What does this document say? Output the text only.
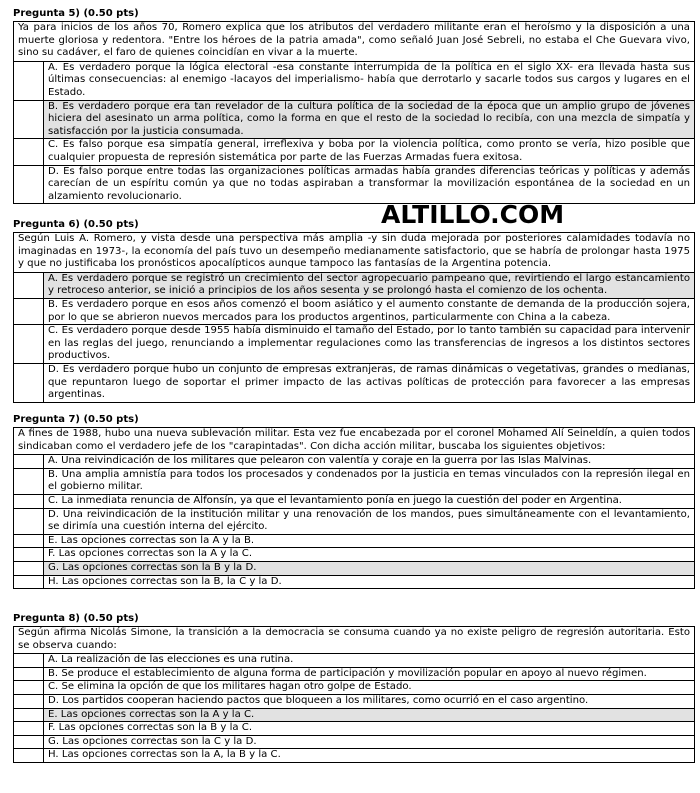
Pregunta 5) (0.50 pts)
Ya para inicios de los años 70, Romero explica que los atributos del verdadero militante eran el heroísmo y la disposición a una muerte gloriosa y redentora. "Entre los héroes de la patria amada", como señaló Juan José Sebreli, no estaba el Che Guevara vivo, sino su cadáver, el faro de quienes coincidían en vivar a la muerte.
A. Es verdadero porque la lógica electoral -esa constante interrumpida de la política en el siglo XX- era llevada hasta sus últimas consecuencias: al enemigo -lacayos del imperialismo- había que derrotarlo y sacarle todos sus cargos y lugares en el Estado.
B. Es verdadero porque era tan revelador de la cultura política de la sociedad de la época que un amplio grupo de jóvenes hiciera del asesinato un arma política, como la forma en que el resto de la sociedad lo recibía, con una mezcla de simpatía y satisfacción por la justicia consumada.
C. Es falso porque esa simpatía general, irreflexiva y boba por la violencia política, como pronto se vería, hizo posible que cualquier propuesta de represión sistemática por parte de las Fuerzas Armadas fuera exitosa.
D. Es falso porque entre todas las organizaciones políticas armadas había grandes diferencias teóricas y políticas y además carecían de un espíritu común ya que no todas aspiraban a transformar la movilización espontánea de la sociedad en un alzamiento revolucionario.
ALTILLO.COM
Pregunta 6) (0.50 pts)
Según Luis A. Romero, y vista desde una perspectiva más amplia -y sin duda mejorada por posteriores calamidades todavía no imaginadas en 1973-, la economía del país tuvo un desempeño medianamente satisfactorio, que se habría de prolongar hasta 1975 y que no justificaba los pronósticos apocalípticos aunque tampoco las fantasías de la Argentina potencia.
A. Es verdadero porque se registró un crecimiento del sector agropecuario pampeano que, revirtiendo el largo estancamiento y retroceso anterior, se inició a principios de los años sesenta y se prolongó hasta el comienzo de los ochenta.
B. Es verdadero porque en esos años comenzó el boom asiático y el aumento constante de demanda de la producción sojera, por lo que se abrieron nuevos mercados para los productos argentinos, particularmente con China a la cabeza.
C. Es verdadero porque desde 1955 había disminuido el tamaño del Estado, por lo tanto también su capacidad para intervenir en las reglas del juego, renunciando a implementar regulaciones como las transferencias de ingresos a los distintos sectores productivos.
D. Es verdadero porque hubo un conjunto de empresas extranjeras, de ramas dinámicas o vegetativas, grandes o medianas, que repuntaron luego de soportar el primer impacto de las activas políticas de protección para favorecer a las empresas argentinas.
Pregunta 7) (0.50 pts)
A fines de 1988, hubo una nueva sublevación militar. Esta vez fue encabezada por el coronel Mohamed Alí Seineldín, a quien todos sindicaban como el verdadero jefe de los "carapintadas". Con dicha acción militar, buscaba los siguientes objetivos:
A. Una reivindicación de los militares que pelearon con valentía y coraje en la guerra por las Islas Malvinas.
B. Una amplia amnistía para todos los procesados y condenados por la justicia en temas vinculados con la represión ilegal en el gobierno militar.
C. La inmediata renuncia de Alfonsín, ya que el levantamiento ponía en juego la cuestión del poder en Argentina.
D. Una reivindicación de la institución militar y una renovación de los mandos, pues simultáneamente con el levantamiento, se dirimía una cuestión interna del ejército.
E. Las opciones correctas son la A y la B.
F. Las opciones correctas son la A y la C.
G. Las opciones correctas son la B y la D.
H. Las opciones correctas son la B, la C y la D.
Pregunta 8) (0.50 pts)
Según afirma Nicolás Simone, la transición a la democracia se consuma cuando ya no existe peligro de regresión autoritaria. Esto se observa cuando:
A. La realización de las elecciones es una rutina.
B. Se produce el establecimiento de alguna forma de participación y movilización popular en apoyo al nuevo régimen.
C. Se elimina la opción de que los militares hagan otro golpe de Estado.
D. Los partidos cooperan haciendo pactos que bloqueen a los militares, como ocurrió en el caso argentino.
E. Las opciones correctas son la A y la C.
F. Las opciones correctas son la B y la C.
G. Las opciones correctas son la C y la D.
H. Las opciones correctas son la A, la B y la C.
